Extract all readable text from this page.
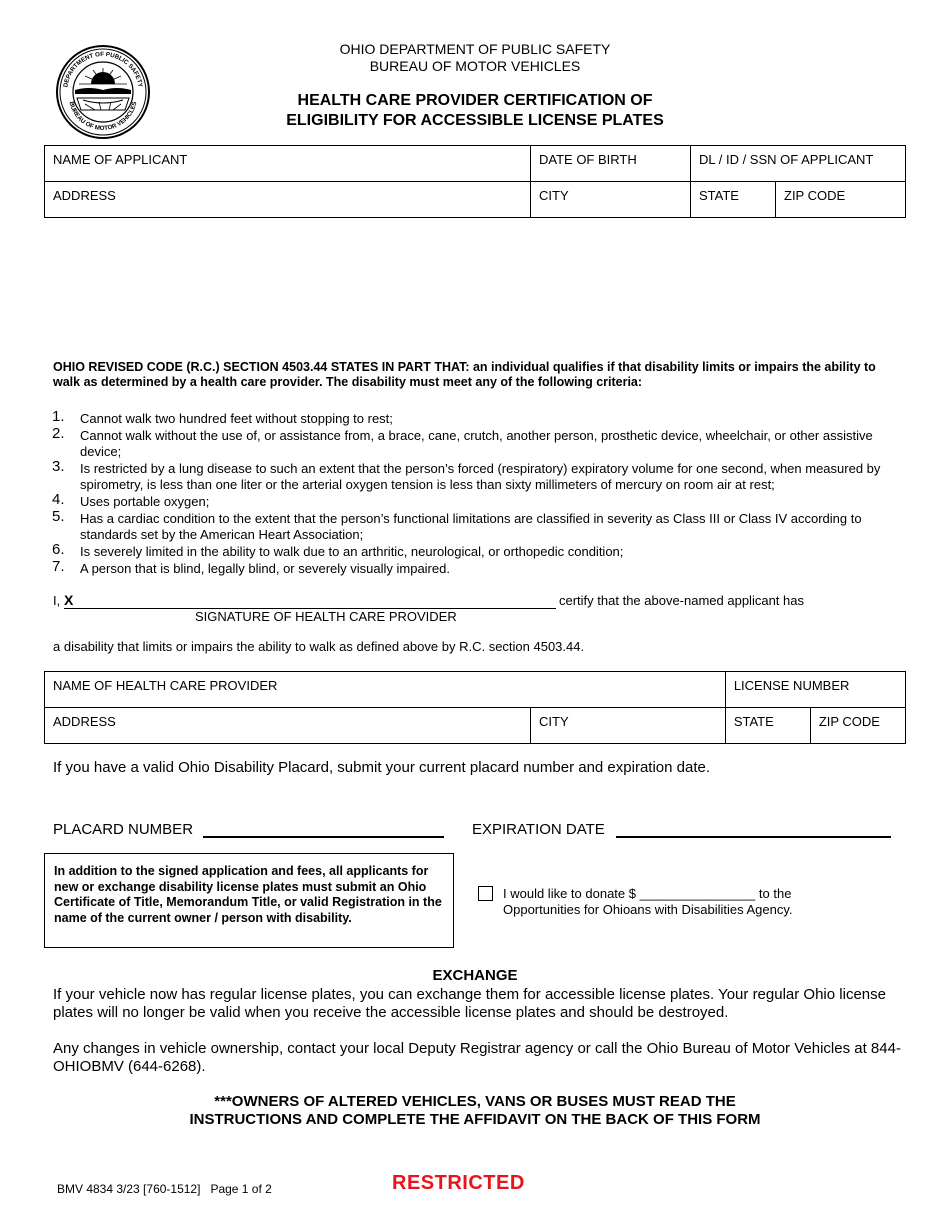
DEPARTMENT OF PUBLIC SAFETY
BUREAU OF MOTOR VEHICLES
OHIO DEPARTMENT OF PUBLIC SAFETY
BUREAU OF MOTOR VEHICLES
HEALTH CARE PROVIDER CERTIFICATION OF
ELIGIBILITY FOR ACCESSIBLE LICENSE PLATES
NAME OF APPLICANT	DATE OF BIRTH	DL / ID / SSN OF APPLICANT	
ADDRESS	CITY	STATE	ZIP CODE
OHIO REVISED CODE (R.C.) SECTION 4503.44 STATES IN PART THAT: an individual qualifies if that disability limits or impairs the ability to walk as determined by a health care provider. The disability must meet any of the following criteria:
1. Cannot walk two hundred feet without stopping to rest;
2. Cannot walk without the use of, or assistance from, a brace, cane, crutch, another person, prosthetic device, wheelchair, or other assistive device;
3. Is restricted by a lung disease to such an extent that the person’s forced (respiratory) expiratory volume for one second, when measured by spirometry, is less than one liter or the arterial oxygen tension is less than sixty millimeters of mercury on room air at rest;
4. Uses portable oxygen;
5. Has a cardiac condition to the extent that the person’s functional limitations are classified in severity as Class III or Class IV according to standards set by the American Heart Association;
6. Is severely limited in the ability to walk due to an arthritic, neurological, or orthopedic condition;
7. A person that is blind, legally blind, or severely visually impaired.
I, X	certify that the above-named applicant has
SIGNATURE OF HEALTH CARE PROVIDER
a disability that limits or impairs the ability to walk as defined above by R.C. section 4503.44.
NAME OF HEALTH CARE PROVIDER		LICENSE NUMBER	
ADDRESS	CITY	STATE	ZIP CODE
If you have a valid Ohio Disability Placard, submit your current placard number and expiration date.
PLACARD NUMBER	EXPIRATION DATE
In addition to the signed application and fees, all applicants for new or exchange disability license plates must submit an Ohio Certificate of Title, Memorandum Title, or valid Registration in the name of the current owner / person with disability.
I would like to donate $ ________________ to the
Opportunities for Ohioans with Disabilities Agency.
EXCHANGE
If your vehicle now has regular license plates, you can exchange them for accessible license plates. Your regular Ohio license plates will no longer be valid when you receive the accessible license plates and should be destroyed.
Any changes in vehicle ownership, contact your local Deputy Registrar agency or call the Ohio Bureau of Motor Vehicles at 844-OHIOBMV (644-6268).
***OWNERS OF ALTERED VEHICLES, VANS OR BUSES MUST READ THE
INSTRUCTIONS AND COMPLETE THE AFFIDAVIT ON THE BACK OF THIS FORM
BMV 4834 3/23 [760-1512]   Page 1 of 2	RESTRICTED
